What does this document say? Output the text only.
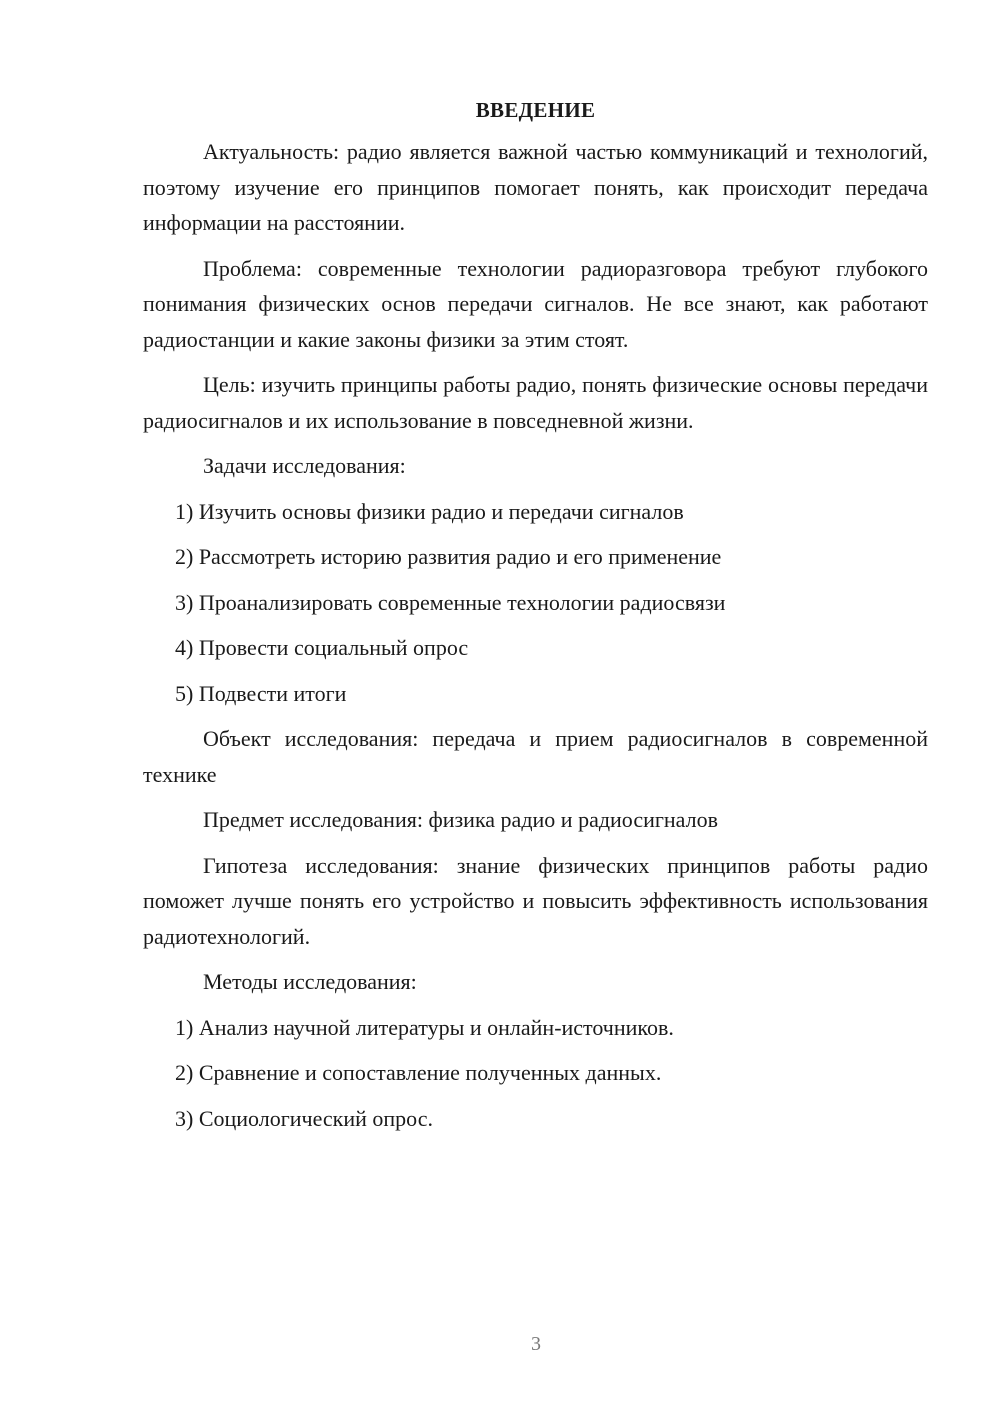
ВВЕДЕНИЕ

Актуальность: радио является важной частью коммуникаций и технологий, поэтому изучение его принципов помогает понять, как происходит передача информации на расстоянии.

Проблема: современные технологии радиоразговора требуют глубокого понимания физических основ передачи сигналов. Не все знают, как работают радиостанции и какие законы физики за этим стоят.

Цель: изучить принципы работы радио, понять физические основы передачи радиосигналов и их использование в повседневной жизни.

Задачи исследования:

1) Изучить основы физики радио и передачи сигналов
2) Рассмотреть историю развития радио и его применение
3) Проанализировать современные технологии радиосвязи
4) Провести социальный опрос
5) Подвести итоги

Объект исследования: передача и прием радиосигналов в современной технике

Предмет исследования: физика радио и радиосигналов

Гипотеза исследования: знание физических принципов работы радио поможет лучше понять его устройство и повысить эффективность использования радиотехнологий.

Методы исследования:

1) Анализ научной литературы и онлайн-источников.
2) Сравнение и сопоставление полученных данных.
3) Социологический опрос.
3
